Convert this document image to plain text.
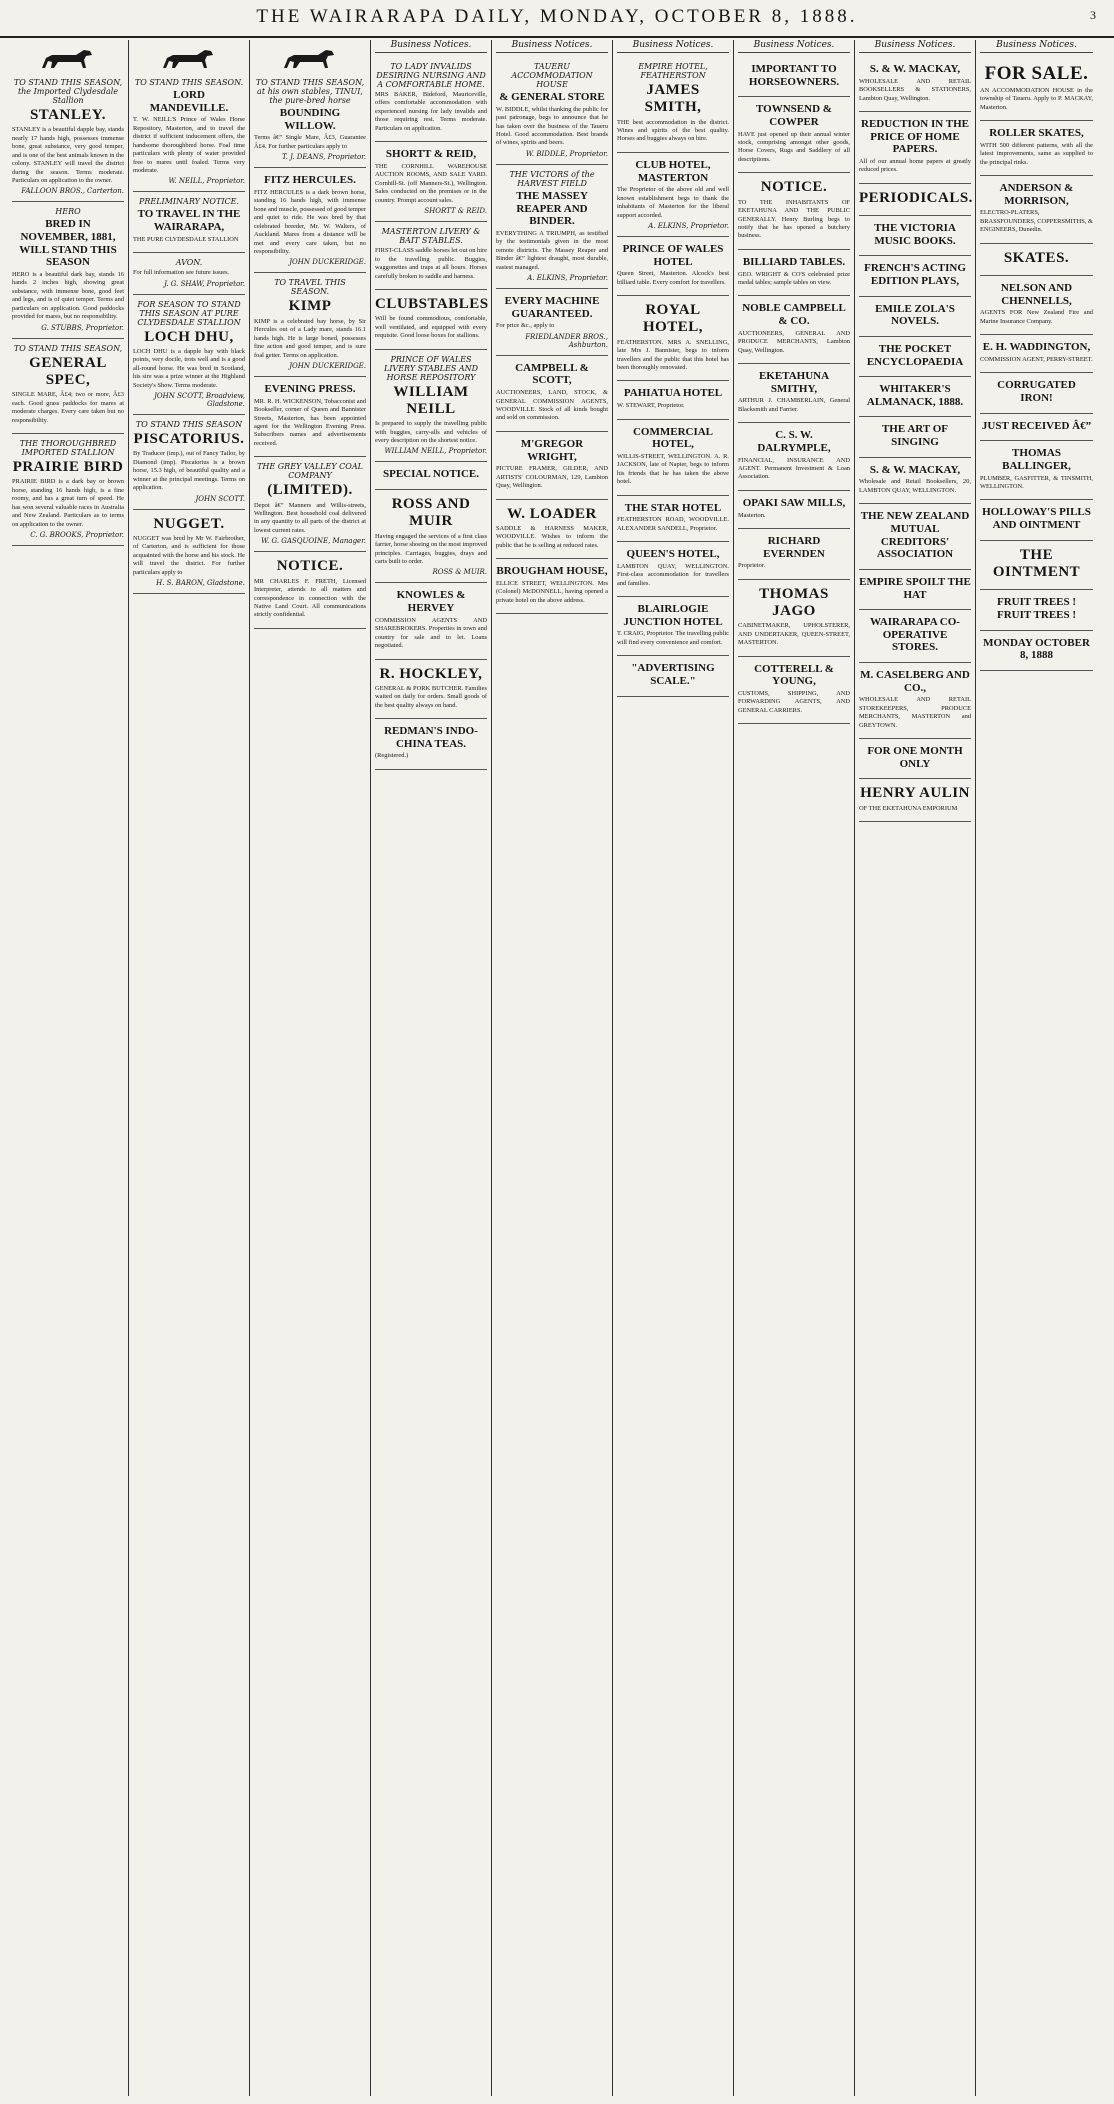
THE WAIRARAPA DAILY, MONDAY, OCTOBER 8, 1888.	3
TO STAND THIS SEASON, the Imported Clydesdale Stallion
STANLEY.
STANLEY is a beautiful dapple bay, stands nearly 17 hands high, possesses immense bone, great substance, very good temper, and is one of the best animals known in the colony. STANLEY will travel the district during the season. Terms moderate. Particulars on application to the owner.
FALLOON BROS., Carterton.
HERO
BRED IN NOVEMBER, 1881, WILL STAND THIS SEASON
HERO is a beautiful dark bay, stands 16 hands 2 inches high, showing great substance, with immense bone, good feet and legs, and is of quiet temper. Terms and particulars on application. Good paddocks provided for mares, but no responsibility.
G. STUBBS, Proprietor.
TO STAND THIS SEASON,
GENERAL SPEC,
SINGLE MARE, Â£4; two or more, Â£3 each. Good grass paddocks for mares at moderate charges. Every care taken but no responsibility.
THE THOROUGHBRED IMPORTED STALLION
PRAIRIE BIRD
PRAIRIE BIRD is a dark bay or brown horse, standing 16 hands high, is a fine roomy, and has a great turn of speed. He has won several valuable races in Australia and New Zealand. Particulars as to terms on application to the owner.
C. G. BROOKS, Proprietor.
TO STAND THIS SEASON.
LORD MANDEVILLE.
T. W. NEILL'S Prince of Wales Horse Repository, Masterton, and to travel the district if sufficient inducement offers, the handsome thoroughbred horse. Foal time particulars with plenty of water provided free to mares until foaled. Terms very moderate.
W. NEILL, Proprietor.
PRELIMINARY NOTICE.
TO TRAVEL IN THE WAIRARAPA,
THE PURE CLYDESDALE STALLION
AVON.
For full information see future issues.
J. G. SHAW, Proprietor.
FOR SEASON TO STAND THIS SEASON AT PURE CLYDESDALE STALLION
LOCH DHU,
LOCH DHU is a dapple bay with black points, very docile, trots well and is a good all-round horse. He was bred in Scotland, his sire was a prize winner at the Highland Society's Show. Terms moderate.
JOHN SCOTT, Broadview, Gladstone.
TO STAND THIS SEASON
PISCATORIUS.
By Traducer (imp.), out of Fancy Tailor, by Diamond (imp). Piscatorius is a brown horse, 15.3 high, of beautiful quality and a winner at the principal meetings. Terms on application.
JOHN SCOTT.
NUGGET.
NUGGET was bred by Mr W. Fairbrother, of Carterton, and is sufficient for those acquainted with the horse and his stock. He will travel the district. For further particulars apply to
H. S. BARON, Gladstone.
TO STAND THIS SEASON, at his own stables, TINUI, the pure-bred horse
BOUNDING WILLOW.
Terms â€” Single Mare, Â£3, Guarantee Â£4. For further particulars apply to
T. J. DEANS, Proprietor.
FITZ HERCULES.
FITZ HERCULES is a dark brown horse, standing 16 hands high, with immense bone and muscle, possessed of good temper and quiet to ride. He was bred by that celebrated breeder, Mr. W. Walters, of Auckland. Mares from a distance will be met and every care taken, but no responsibility.
JOHN DUCKERIDGE.
TO TRAVEL THIS SEASON.
KIMP
KIMP is a celebrated bay horse, by Sir Hercules out of a Lady mare, stands 16.1 hands high. He is large boned, possesses fine action and good temper, and is sure foal getter. Terms on application.
JOHN DUCKERIDGE.
EVENING PRESS.
MR. R. H. WICKENSON, Tobacconist and Bookseller, corner of Queen and Bannister Streets, Masterton, has been appointed agent for the Wellington Evening Press. Subscribers names and advertisements received.
THE GREY VALLEY COAL COMPANY
(LIMITED).
Depot â€” Manners and Willis-streets, Wellington. Best household coal delivered in any quantity to all parts of the district at lowest current rates.
W. G. GASQUOINE, Manager.
NOTICE.
MR CHARLES F. FRETH, Licensed Interpreter, attends to all matters and correspondence in connection with the Native Land Court. All communications strictly confidential.
Business Notices.
TO LADY INVALIDS DESIRING NURSING AND A COMFORTABLE HOME.
MRS BAKER, Bideford, Mauriceville, offers comfortable accommodation with experienced nursing for lady invalids and those requiring rest. Terms moderate. Particulars on application.
SHORTT & REID,
THE CORNHILL WAREHOUSE AUCTION ROOMS, AND SALE YARD. Cornhill-St. (off Manners-St.), Wellington. Sales conducted on the premises or in the country. Prompt account sales.
SHORTT & REID.
MASTERTON LIVERY & BAIT STABLES.
FIRST-CLASS saddle horses let out on hire to the travelling public. Buggies, waggonettes and traps at all hours. Horses carefully broken to saddle and harness.
CLUBSTABLES
Will be found commodious, comfortable, well ventilated, and equipped with every requisite. Good loose boxes for stallions.
PRINCE OF WALES LIVERY STABLES AND HORSE REPOSITORY
WILLIAM NEILL
Is prepared to supply the travelling public with buggies, carry-alls and vehicles of every description on the shortest notice.
WILLIAM NEILL, Proprietor.
SPECIAL NOTICE.
ROSS AND MUIR
Having engaged the services of a first class farrier, horse shoeing on the most improved principles. Carriages, buggies, drays and carts built to order.
ROSS & MUIR.
KNOWLES & HERVEY
COMMISSION AGENTS AND SHAREBROKERS. Properties in town and country for sale and to let. Loans negotiated.
R. HOCKLEY,
GENERAL & PORK BUTCHER. Families waited on daily for orders. Small goods of the best quality always on hand.
REDMAN'S INDO-CHINA TEAS.
(Registered.)
Business Notices.
TAUERU ACCOMMODATION HOUSE
& GENERAL STORE
W. BIDDLE, whilst thanking the public for past patronage, begs to announce that he has taken over the business of the Taueru Hotel. Good accommodation. Best brands of wines, spirits and beers.
W. BIDDLE, Proprietor.
THE VICTORS of the HARVEST FIELD
THE MASSEY REAPER AND BINDER.
EVERYTHING A TRIUMPH, as testified by the testimonials given in the most remote districts. The Massey Reaper and Binder â€” lightest draught, most durable, easiest managed.
A. ELKINS, Proprietor.
EVERY MACHINE GUARANTEED.
For price &c., apply to
FRIEDLANDER BROS., Ashburton.
CAMPBELL & SCOTT,
AUCTIONEERS, LAND, STOCK, & GENERAL COMMISSION AGENTS, WOODVILLE. Stock of all kinds bought and sold on commission.
M'GREGOR WRIGHT,
PICTURE FRAMER, GILDER, AND ARTISTS' COLOURMAN, 129, Lambton Quay, Wellington.
W. LOADER
SADDLE & HARNESS MAKER, WOODVILLE. Wishes to inform the public that he is selling at reduced rates.
BROUGHAM HOUSE,
ELLICE STREET, WELLINGTON. Mrs (Colonel) McDONNELL, having opened a private hotel on the above address.
Business Notices.
EMPIRE HOTEL, FEATHERSTON
JAMES SMITH,
THE best accommodation in the district. Wines and spirits of the best quality. Horses and buggies always on hire.
CLUB HOTEL, MASTERTON
The Proprietor of the above old and well known establishment begs to thank the inhabitants of Masterton for the liberal support accorded.
A. ELKINS, Proprietor.
PRINCE OF WALES HOTEL
Queen Street, Masterton. Alcock's best billiard table. Every comfort for travellers.
ROYAL HOTEL,
FEATHERSTON. MRS A. SNELLING, late Mrs J. Bannister, begs to inform travellers and the public that this hotel has been thoroughly renovated.
PAHIATUA HOTEL
W. STEWART, Proprietor.
COMMERCIAL HOTEL,
WILLIS-STREET, WELLINGTON. A. R. JACKSON, late of Napier, begs to inform his friends that he has taken the above hotel.
THE STAR HOTEL
FEATHERSTON ROAD, WOODVILLE. ALEXANDER SANDELL, Proprietor.
QUEEN'S HOTEL,
LAMBTON QUAY, WELLINGTON. First-class accommodation for travellers and families.
BLAIRLOGIE JUNCTION HOTEL
T. CRAIG, Proprietor. The travelling public will find every convenience and comfort.
"ADVERTISING SCALE."
Business Notices.
IMPORTANT TO HORSEOWNERS.
TOWNSEND & COWPER
HAVE just opened up their annual winter stock, comprising amongst other goods, Horse Covers, Rugs and Saddlery of all descriptions.
NOTICE.
TO THE INHABITANTS OF EKETAHUNA AND THE PUBLIC GENERALLY. Henry Burling begs to notify that he has opened a butchery business.
BILLIARD TABLES.
GEO. WRIGHT & CO'S celebrated prize medal tables; sample tables on view.
NOBLE CAMPBELL & CO.
AUCTIONEERS, GENERAL AND PRODUCE MERCHANTS, Lambton Quay, Wellington.
EKETAHUNA SMITHY,
ARTHUR J. CHAMBERLAIN, General Blacksmith and Farrier.
C. S. W. DALRYMPLE,
FINANCIAL, INSURANCE AND AGENT. Permanent Investment & Loan Association.
OPAKI SAW MILLS,
Masterton.
RICHARD EVERNDEN
Proprietor.
THOMAS JAGO
CABINETMAKER, UPHOLSTERER, AND UNDERTAKER, QUEEN-STREET, MASTERTON.
COTTERELL & YOUNG,
CUSTOMS, SHIPPING, AND FORWARDING AGENTS, AND GENERAL CARRIERS.
Business Notices.
S. & W. MACKAY,
WHOLESALE AND RETAIL BOOKSELLERS & STATIONERS, Lambton Quay, Wellington.
REDUCTION IN THE PRICE OF HOME PAPERS.
All of our annual home papers at greatly reduced prices.
PERIODICALS.
THE VICTORIA MUSIC BOOKS.
FRENCH'S ACTING EDITION PLAYS,
EMILE ZOLA'S NOVELS.
THE POCKET ENCYCLOPAEDIA
WHITAKER'S ALMANACK, 1888.
THE ART OF SINGING
S. & W. MACKAY,
Wholesale and Retail Booksellers, 20, LAMBTON QUAY, WELLINGTON.
THE NEW ZEALAND MUTUAL CREDITORS' ASSOCIATION
EMPIRE SPOILT THE HAT
WAIRARAPA CO-OPERATIVE STORES.
M. CASELBERG AND CO.,
WHOLESALE AND RETAIL STOREKEEPERS, PRODUCE MERCHANTS, MASTERTON and GREYTOWN.
FOR ONE MONTH ONLY
HENRY AULIN
OF THE EKETAHUNA EMPORIUM
Business Notices.
FOR SALE.
AN ACCOMMODATION HOUSE in the township of Taueru. Apply to P. MACKAY, Masterton.
ROLLER SKATES,
WITH 500 different patterns, with all the latest improvements, same as supplied to the principal rinks.
ANDERSON & MORRISON,
ELECTRO-PLATERS, BRASSFOUNDERS, COPPERSMITHS, & ENGINEERS, Dunedin.
SKATES.
NELSON AND CHENNELLS,
AGENTS FOR New Zealand Fire and Marine Insurance Company.
E. H. WADDINGTON,
COMMISSION AGENT, PERRY-STREET.
CORRUGATED IRON!
JUST RECEIVED Â€”
THOMAS BALLINGER,
PLUMBER, GASFITTER, & TINSMITH, WELLINGTON.
HOLLOWAY'S PILLS AND OINTMENT
THE OINTMENT
FRUIT TREES ! FRUIT TREES !
MONDAY OCTOBER 8, 1888
